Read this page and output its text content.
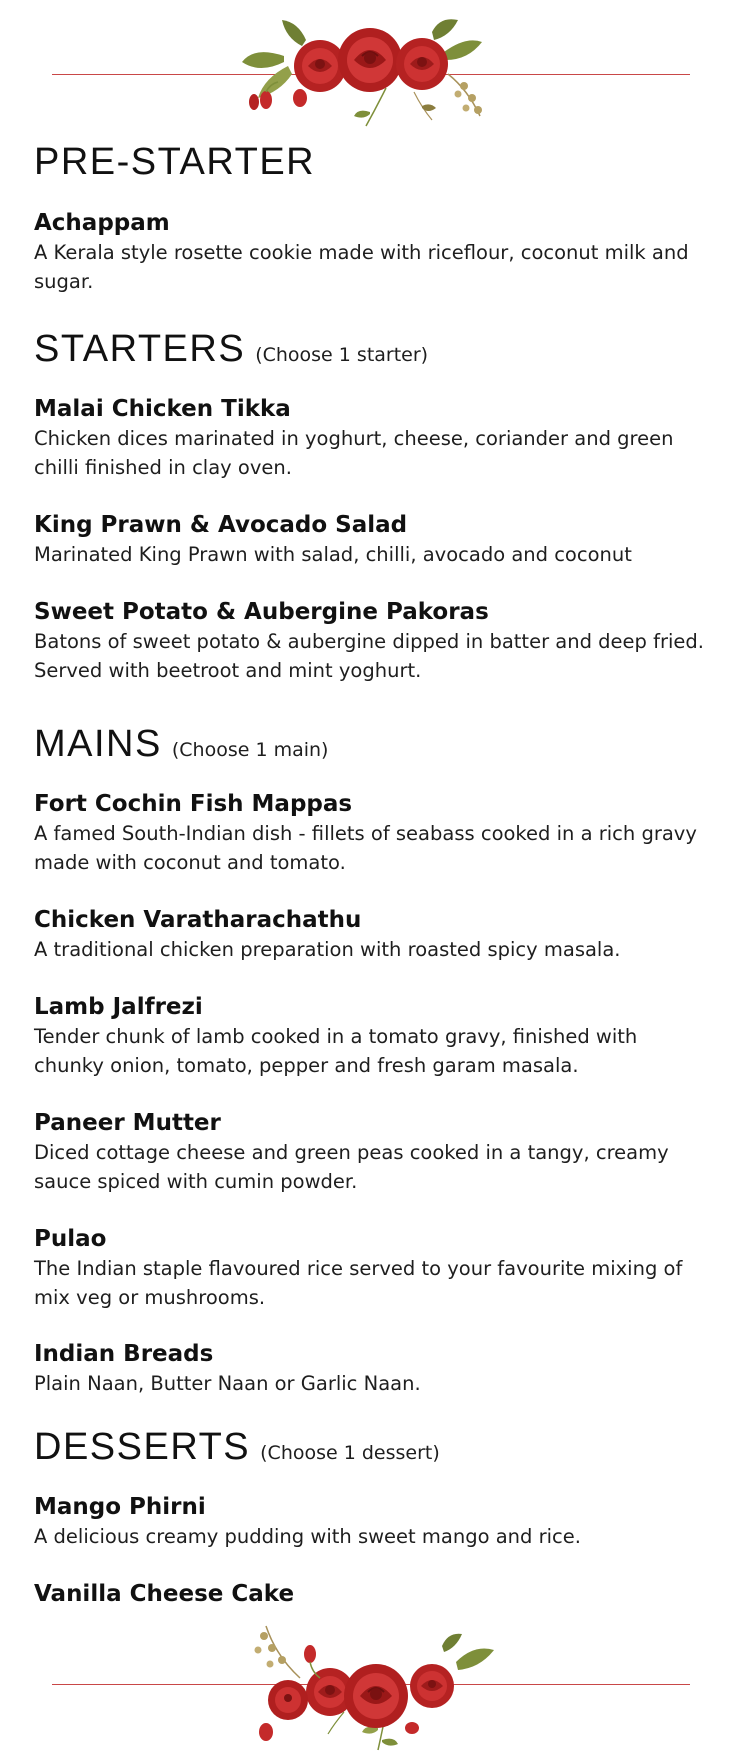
PRE-STARTER

Achappam

A Kerala style rosette cookie made with riceflour, coconut milk and sugar.

STARTERS (Choose 1 starter)

Malai Chicken Tikka

Chicken dices marinated in yoghurt, cheese, coriander and green chilli finished in clay oven.

King Prawn & Avocado Salad

Marinated King Prawn with salad, chilli, avocado and coconut

Sweet Potato & Aubergine Pakoras

Batons of sweet potato & aubergine dipped in batter and deep fried. Served with beetroot and mint yoghurt.

MAINS (Choose 1 main)

Fort Cochin Fish Mappas

A famed South-Indian dish - fillets of seabass cooked in a rich gravy made with coconut and tomato.

Chicken Varatharachathu

A traditional chicken preparation with roasted spicy masala.

Lamb Jalfrezi

Tender chunk of lamb cooked in a tomato gravy, finished with chunky onion, tomato, pepper and fresh garam masala.

Paneer Mutter

Diced cottage cheese and green peas cooked in a tangy, creamy sauce spiced with cumin powder.

Pulao

The Indian staple flavoured rice served to your favourite mixing of mix veg or mushrooms.

Indian Breads

Plain Naan, Butter Naan or Garlic Naan.

DESSERTS (Choose 1 dessert)

Mango Phirni

A delicious creamy pudding with sweet mango and rice.

Vanilla Cheese Cake
